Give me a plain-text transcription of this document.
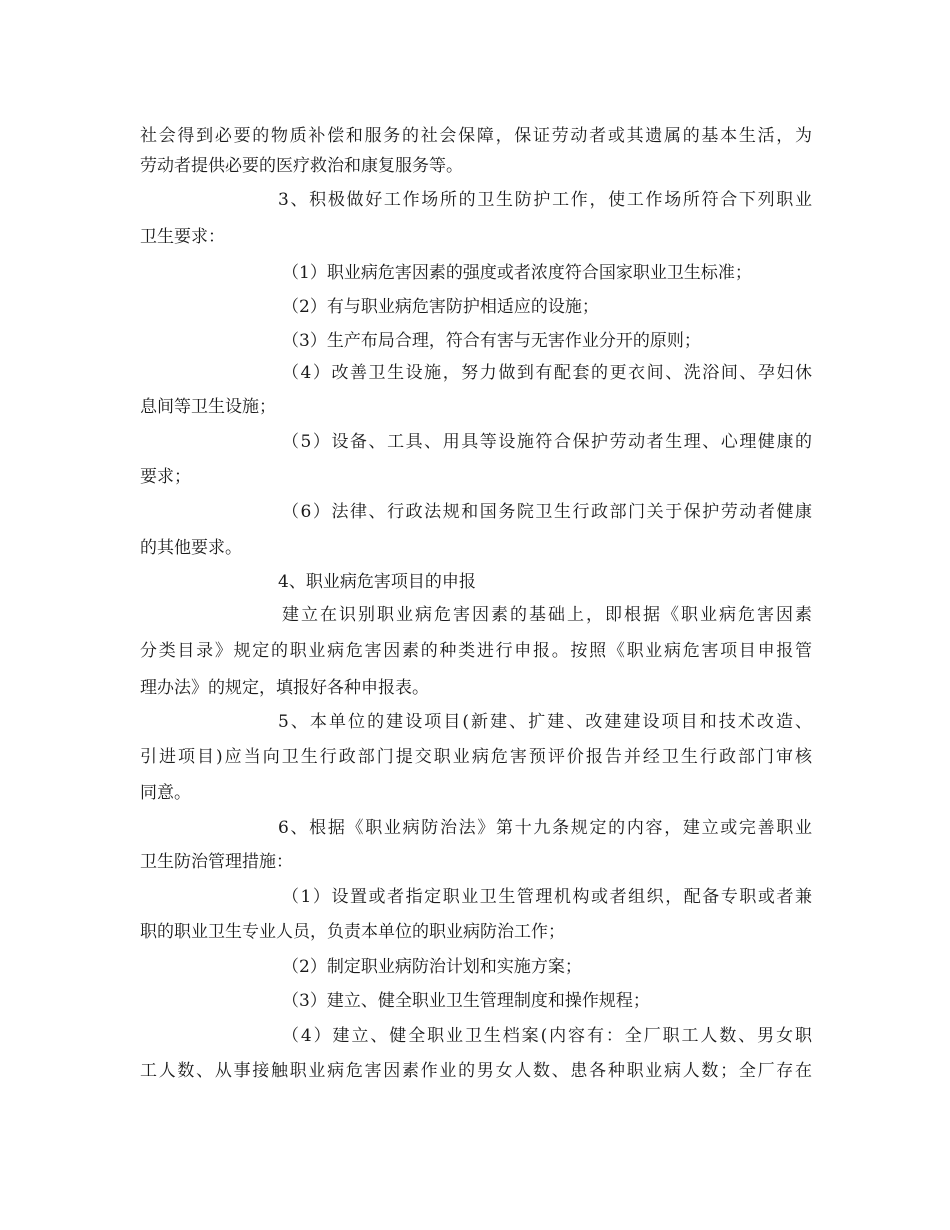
社会得到必要的物质补偿和服务的社会保障，保证劳动者或其遗属的基本生活，为
劳动者提供必要的医疗救治和康复服务等。
3、积极做好工作场所的卫生防护工作，使工作场所符合下列职业
卫生要求：
（1）职业病危害因素的强度或者浓度符合国家职业卫生标准；
（2）有与职业病危害防护相适应的设施；
（3）生产布局合理，符合有害与无害作业分开的原则；
（4）改善卫生设施，努力做到有配套的更衣间、洗浴间、孕妇休
息间等卫生设施；
（5）设备、工具、用具等设施符合保护劳动者生理、心理健康的
要求；
（6）法律、行政法规和国务院卫生行政部门关于保护劳动者健康
的其他要求。
4、职业病危害项目的申报
建立在识别职业病危害因素的基础上，即根据《职业病危害因素
分类目录》规定的职业病危害因素的种类进行申报。按照《职业病危害项目申报管
理办法》的规定，填报好各种申报表。
5、本单位的建设项目(新建、扩建、改建建设项目和技术改造、
引进项目)应当向卫生行政部门提交职业病危害预评价报告并经卫生行政部门审核
同意。
6、根据《职业病防治法》第十九条规定的内容，建立或完善职业
卫生防治管理措施：
（1）设置或者指定职业卫生管理机构或者组织，配备专职或者兼
职的职业卫生专业人员，负责本单位的职业病防治工作；
（2）制定职业病防治计划和实施方案；
（3）建立、健全职业卫生管理制度和操作规程；
（4）建立、健全职业卫生档案(内容有：全厂职工人数、男女职
工人数、从事接触职业病危害因素作业的男女人数、患各种职业病人数；全厂存在
